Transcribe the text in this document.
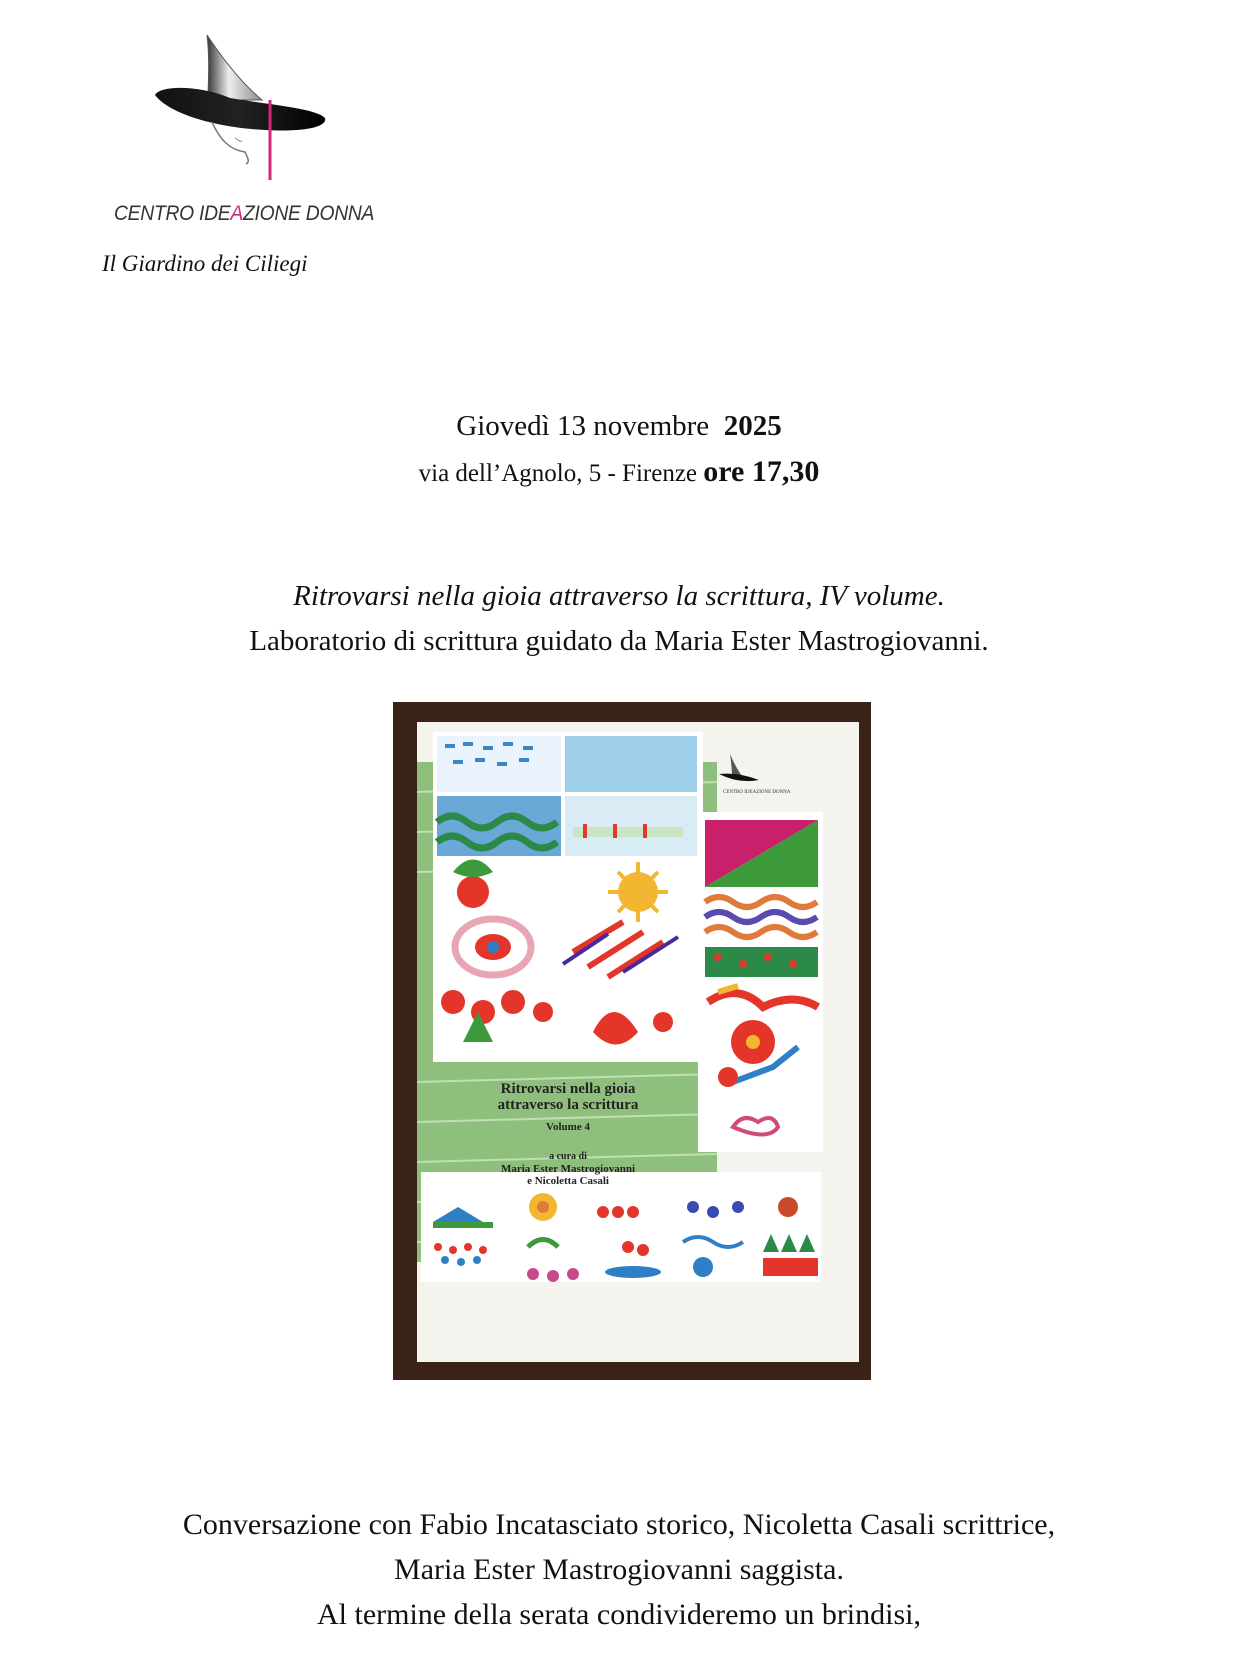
CENTRO IDEAZIONE DONNA
Il Giardino dei Ciliegi
Giovedì 13 novembre 2025
via dell’Agnolo, 5 - Firenze ore 17,30
Ritrovarsi nella gioia attraverso la scrittura, IV volume.
Laboratorio di scrittura guidato da Maria Ester Mastrogiovanni.
CENTRO IDEAZIONE DONNA
Ritrovarsi nella gioia
attraverso la scrittura
Volume 4
a cura di
Maria Ester Mastrogiovanni
e Nicoletta Casali
Conversazione con Fabio Incatasciato storico, Nicoletta Casali scrittrice,
Maria Ester Mastrogiovanni saggista.
Al termine della serata condivideremo un brindisi,
